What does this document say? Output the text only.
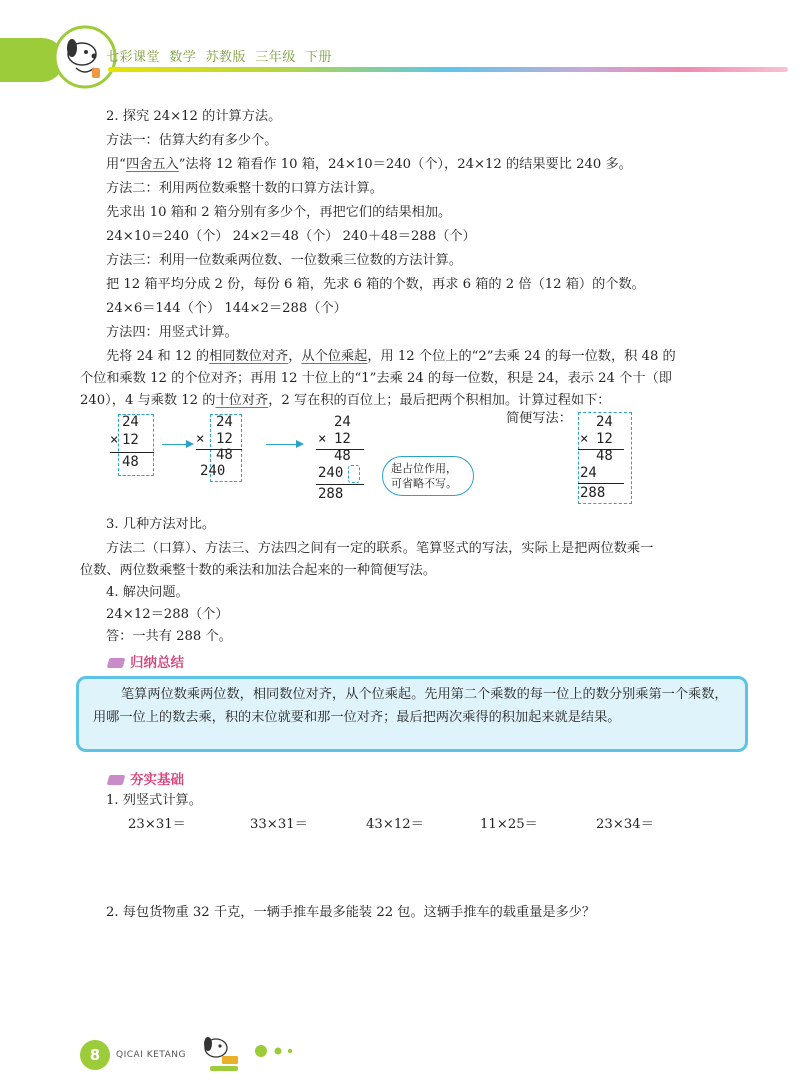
七彩课堂  数学  苏教版  三年级  下册
2. 探究 24×12 的计算方法。
方法一：估算大约有多少个。
用“四舍五入”法将 12 箱看作 10 箱，24×10＝240（个），24×12 的结果要比 240 多。
方法二：利用两位数乘整十数的口算方法计算。
先求出 10 箱和 2 箱分别有多少个，再把它们的结果相加。
24×10＝240（个） 24×2＝48（个） 240＋48＝288（个）
方法三：利用一位数乘两位数、一位数乘三位数的方法计算。
把 12 箱平均分成 2 份，每份 6 箱，先求 6 箱的个数，再求 6 箱的 2 倍（12 箱）的个数。
24×6＝144（个） 144×2＝288（个）
方法四：用竖式计算。
先将 24 和 12 的相同数位对齐，从个位乘起，用 12 个位上的“2”去乘 24 的每一位数，积 48 的
个位和乘数 12 的个位对齐；再用 12 十位上的“1”去乘 24 的每一位数，积是 24，表示 24 个十（即
240），4 与乘数 12 的十位对齐，2 写在积的百位上；最后把两个积相加。计算过程如下：
24
× 12
48
24
× 12
48
240
24
× 12
48
240
288
起占位作用，可省略不写。
简便写法： 24
× 12
48
24
288
3. 几种方法对比。
方法二（口算）、方法三、方法四之间有一定的联系。笔算竖式的写法，实际上是把两位数乘一
位数、两位数乘整十数的乘法和加法合起来的一种简便写法。
4. 解决问题。
24×12＝288（个）
答：一共有 288 个。
归纳总结
笔算两位数乘两位数，相同数位对齐，从个位乘起。先用第二个乘数的每一位上的数分别乘第一个乘数，用哪一位上的数去乘，积的末位就要和那一位对齐；最后把两次乘得的积加起来就是结果。
夯实基础
1. 列竖式计算。
23×31＝	33×31＝	43×12＝	11×25＝	23×34＝
2. 每包货物重 32 千克，一辆手推车最多能装 22 包。这辆手推车的载重量是多少？
8	QICAI KETANG
